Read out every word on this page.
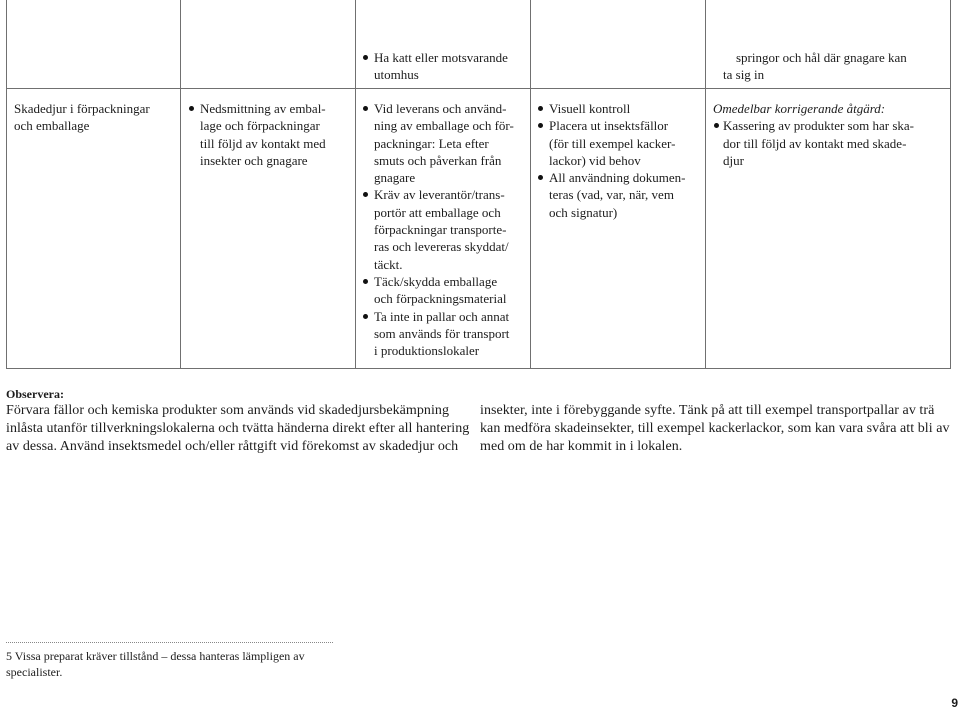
Ha katt eller motsvarande
utomhus
springor och hål där gnagare kan
ta sig in
Skadedjur i förpackningar
och emballage
Nedsmittning av embal-
lage och förpackningar
till följd av kontakt med
insekter och gnagare
Vid leverans och använd-
ning av emballage och för-
packningar: Leta efter
smuts och påverkan från
gnagare
Kräv av leverantör/trans-
portör att emballage och
förpackningar transporte-
ras och levereras skyddat/
täckt.
Täck/skydda emballage
och förpackningsmaterial
Ta inte in pallar och annat
som används för transport
i produktionslokaler
Visuell kontroll
Placera ut insektsfällor
(för till exempel kacker-
lackor) vid behov
All användning dokumen-
teras (vad, var, när, vem
och signatur)
Omedelbar korrigerande åtgärd:
Kassering av produkter som har ska-
dor till följd av kontakt med skade-
djur
Observera:
Förvara fällor och kemiska produkter som används vid skadedjursbekämpning
inlåsta utanför tillverkningslokalerna och tvätta händerna direkt efter all hantering
av dessa. Använd insektsmedel och/eller råttgift vid förekomst av skadedjur och
insekter, inte i förebyggande syfte. Tänk på att till exempel transportpallar av trä
kan medföra skadeinsekter, till exempel kackerlackor, som kan vara svåra att bli av
med om de har kommit in i lokalen.
5 Vissa preparat kräver tillstånd – dessa hanteras lämpligen av
specialister.
9
